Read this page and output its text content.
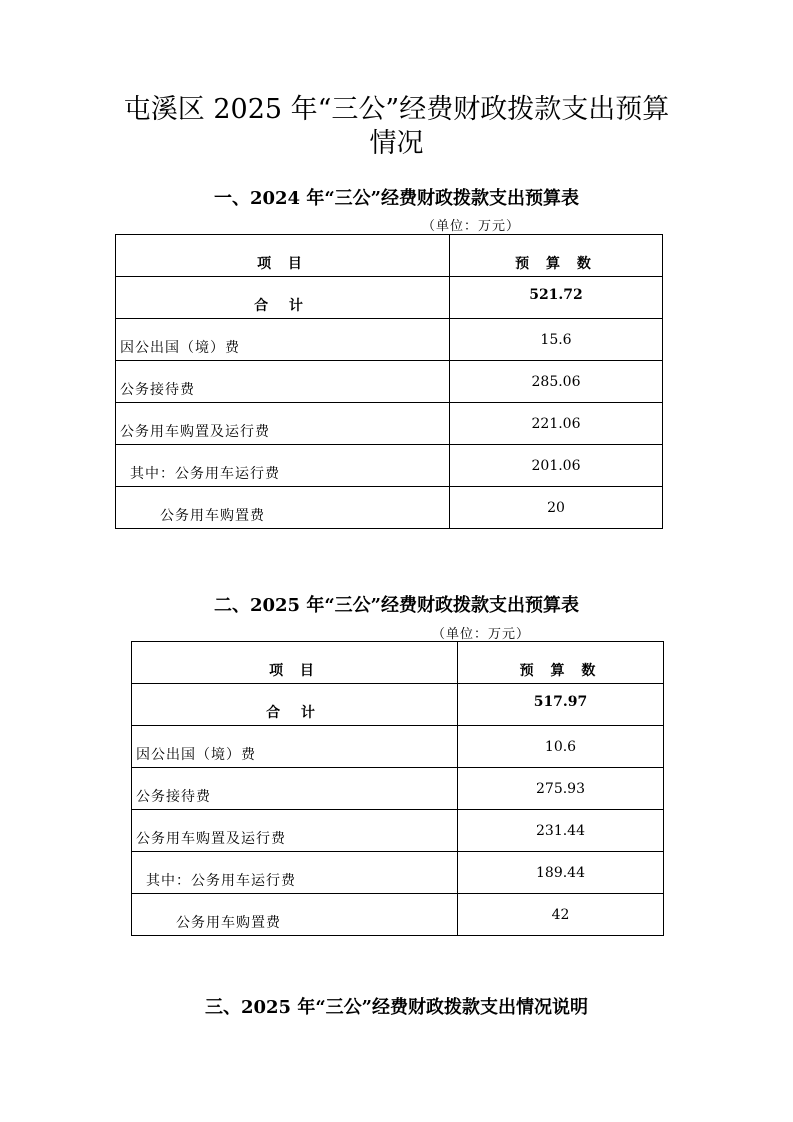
屯溪区 2025 年“三公”经费财政拨款支出预算情况
一、2024 年“三公”经费财政拨款支出预算表
（单位：万元）
项 目	预 算 数
合 计	521.72
因公出国（境）费	15.6
公务接待费	285.06
公务用车购置及运行费	221.06
其中：公务用车运行费	201.06
公务用车购置费	20
二、2025 年“三公”经费财政拨款支出预算表
（单位：万元）
项 目	预 算 数
合 计	517.97
因公出国（境）费	10.6
公务接待费	275.93
公务用车购置及运行费	231.44
其中：公务用车运行费	189.44
公务用车购置费	42
三、2025 年“三公”经费财政拨款支出情况说明
